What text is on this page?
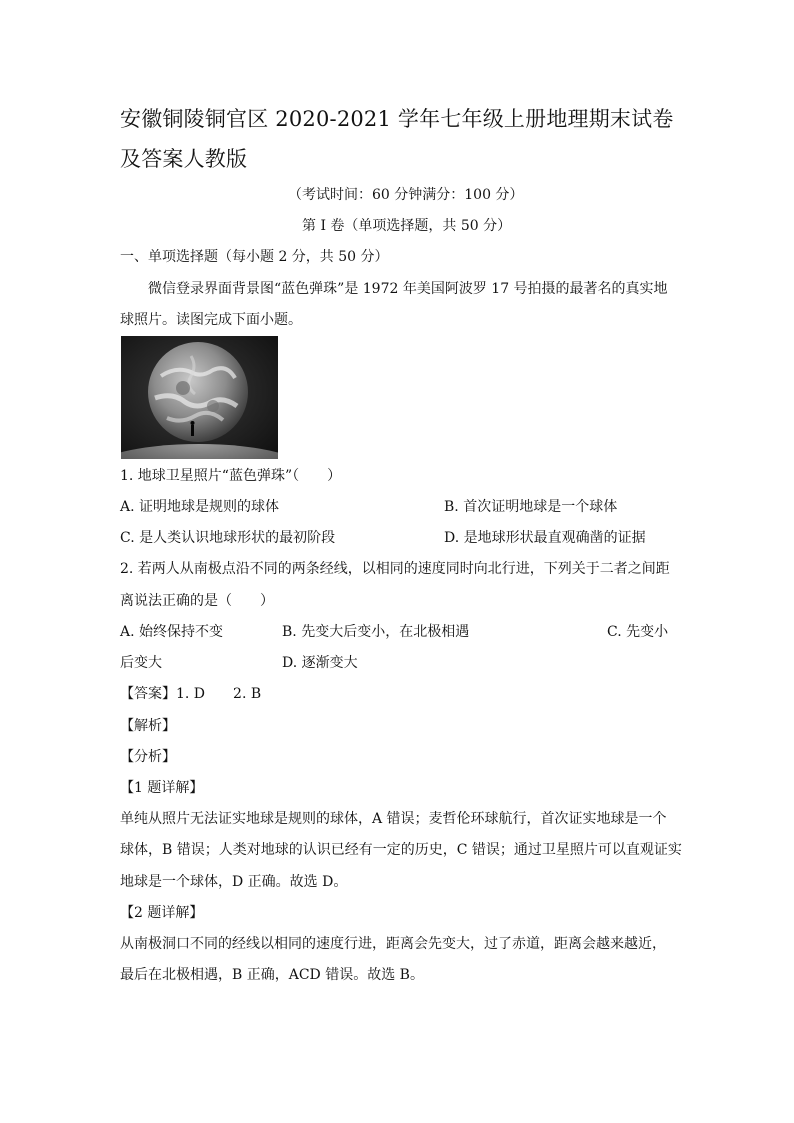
安徽铜陵铜官区 2020-2021 学年七年级上册地理期末试卷
及答案人教版
（考试时间：60 分钟满分：100 分）
第 I 卷（单项选择题，共 50 分）
一、单项选择题（每小题 2 分，共 50 分）
微信登录界面背景图“蓝色弹珠”是 1972 年美国阿波罗 17 号拍摄的最著名的真实地
球照片。读图完成下面小题。
1. 地球卫星照片“蓝色弹珠”（　　）
A. 证明地球是规则的球体	B. 首次证明地球是一个球体
C. 是人类认识地球形状的最初阶段	D. 是地球形状最直观确凿的证据
2. 若两人从南极点沿不同的两条经线，以相同的速度同时向北行进，下列关于二者之间距
离说法正确的是（　　）
A. 始终保持不变	B. 先变大后变小，在北极相遇	C. 先变小
后变大	D. 逐渐变大
【答案】1. D　　2. B
【解析】
【分析】
【1 题详解】
单纯从照片无法证实地球是规则的球体，A 错误；麦哲伦环球航行，首次证实地球是一个
球体，B 错误；人类对地球的认识已经有一定的历史，C 错误；通过卫星照片可以直观证实
地球是一个球体，D 正确。故选 D。
【2 题详解】
从南极洞口不同的经线以相同的速度行进，距离会先变大，过了赤道，距离会越来越近，
最后在北极相遇，B 正确，ACD 错误。故选 B。
